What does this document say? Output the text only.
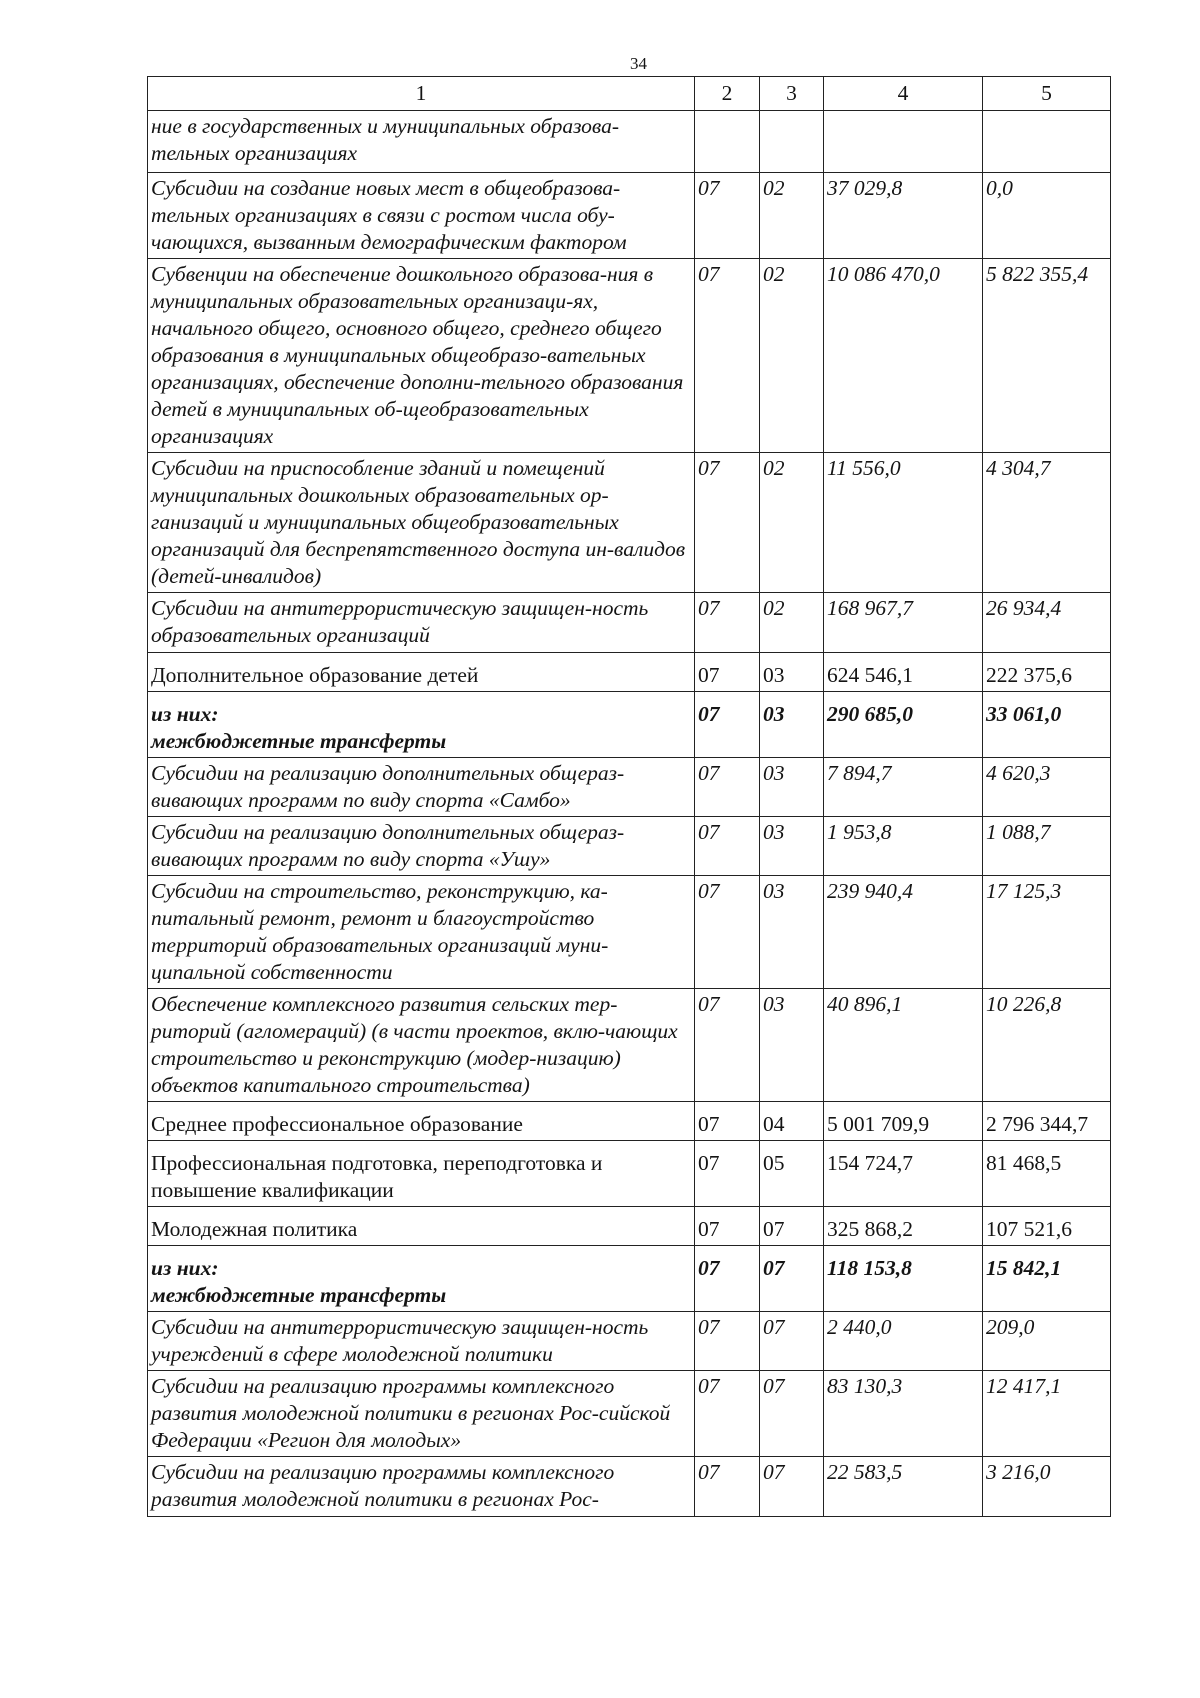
34
1	2	3	4	5
ние в государственных и муниципальных образова-тельных организациях				
Субсидии на создание новых мест в общеобразова-тельных организациях в связи с ростом числа обу-чающихся, вызванным демографическим фактором	07	02	37 029,8	0,0
Субвенции на обеспечение дошкольного образова-ния в муниципальных образовательных организаци-ях, начального общего, основного общего, среднего общего образования в муниципальных общеобразо-вательных организациях, обеспечение дополни-тельного образования детей в муниципальных об-щеобразовательных организациях	07	02	10 086 470,0	5 822 355,4
Субсидии на приспособление зданий и помещений муниципальных дошкольных образовательных ор-ганизаций и муниципальных общеобразовательных организаций для беспрепятственного доступа ин-валидов (детей-инвалидов)	07	02	11 556,0	4 304,7
Субсидии на антитеррористическую защищен-ность образовательных организаций	07	02	168 967,7	26 934,4
Дополнительное образование детей	07	03	624 546,1	222 375,6
из них:
межбюджетные трансферты	07	03	290 685,0	33 061,0
Субсидии на реализацию дополнительных общераз-вивающих программ по виду спорта «Самбо»	07	03	7 894,7	4 620,3
Субсидии на реализацию дополнительных общераз-вивающих программ по виду спорта «Ушу»	07	03	1 953,8	1 088,7
Субсидии на строительство, реконструкцию, ка-питальный ремонт, ремонт и благоустройство территорий образовательных организаций муни-ципальной собственности	07	03	239 940,4	17 125,3
Обеспечение комплексного развития сельских тер-риторий (агломераций) (в части проектов, вклю-чающих строительство и реконструкцию (модер-низацию) объектов капитального строительства)	07	03	40 896,1	10 226,8
Среднее профессиональное образование	07	04	5 001 709,9	2 796 344,7
Профессиональная подготовка, переподготовка и повышение квалификации	07	05	154 724,7	81 468,5
Молодежная политика	07	07	325 868,2	107 521,6
из них:
межбюджетные трансферты	07	07	118 153,8	15 842,1
Субсидии на антитеррористическую защищен-ность учреждений в сфере молодежной политики	07	07	2 440,0	209,0
Субсидии на реализацию программы комплексного развития молодежной политики в регионах Рос-сийской Федерации «Регион для молодых»	07	07	83 130,3	12 417,1
Субсидии на реализацию программы комплексного развития молодежной политики в регионах Рос-	07	07	22 583,5	3 216,0
